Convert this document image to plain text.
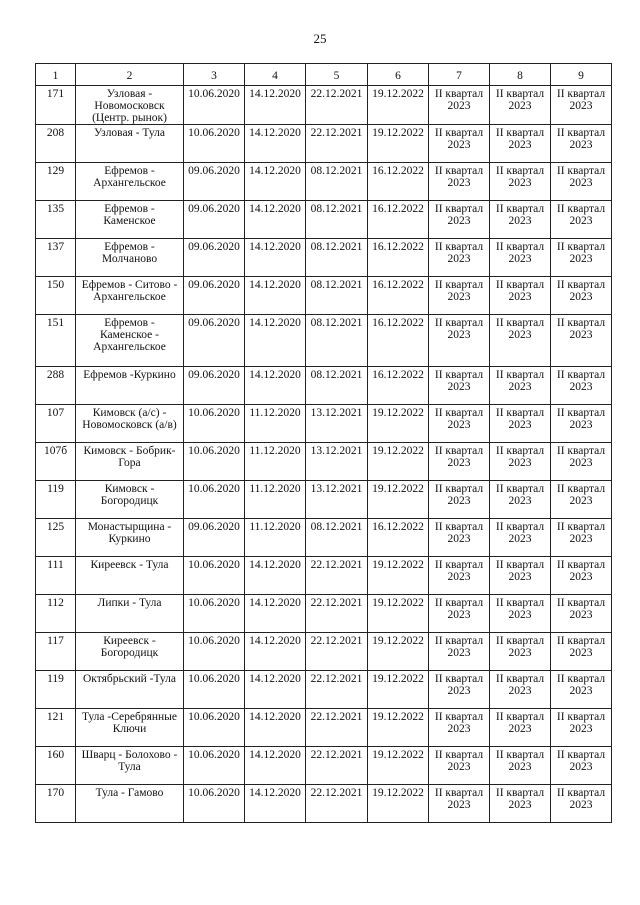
25
1	2	3	4	5	6	7	8	9
171	Узловая - Новомосковск (Центр. рынок)	10.06.2020	14.12.2020	22.12.2021	19.12.2022	II квартал 2023	II квартал 2023	II квартал 2023
208	Узловая - Тула	10.06.2020	14.12.2020	22.12.2021	19.12.2022	II квартал 2023	II квартал 2023	II квартал 2023
129	Ефремов - Архангельское	09.06.2020	14.12.2020	08.12.2021	16.12.2022	II квартал 2023	II квартал 2023	II квартал 2023
135	Ефремов - Каменское	09.06.2020	14.12.2020	08.12.2021	16.12.2022	II квартал 2023	II квартал 2023	II квартал 2023
137	Ефремов - Молчаново	09.06.2020	14.12.2020	08.12.2021	16.12.2022	II квартал 2023	II квартал 2023	II квартал 2023
150	Ефремов - Ситово - Архангельское	09.06.2020	14.12.2020	08.12.2021	16.12.2022	II квартал 2023	II квартал 2023	II квартал 2023
151	Ефремов - Каменское - Архангельское	09.06.2020	14.12.2020	08.12.2021	16.12.2022	II квартал 2023	II квартал 2023	II квартал 2023
288	Ефремов -Куркино	09.06.2020	14.12.2020	08.12.2021	16.12.2022	II квартал 2023	II квартал 2023	II квартал 2023
107	Кимовск (а/с) - Новомосковск (а/в)	10.06.2020	11.12.2020	13.12.2021	19.12.2022	II квартал 2023	II квартал 2023	II квартал 2023
107б	Кимовск - Бобрик-Гора	10.06.2020	11.12.2020	13.12.2021	19.12.2022	II квартал 2023	II квартал 2023	II квартал 2023
119	Кимовск - Богородицк	10.06.2020	11.12.2020	13.12.2021	19.12.2022	II квартал 2023	II квартал 2023	II квартал 2023
125	Монастырщина - Куркино	09.06.2020	11.12.2020	08.12.2021	16.12.2022	II квартал 2023	II квартал 2023	II квартал 2023
111	Киреевск - Тула	10.06.2020	14.12.2020	22.12.2021	19.12.2022	II квартал 2023	II квартал 2023	II квартал 2023
112	Липки - Тула	10.06.2020	14.12.2020	22.12.2021	19.12.2022	II квартал 2023	II квартал 2023	II квартал 2023
117	Киреевск - Богородицк	10.06.2020	14.12.2020	22.12.2021	19.12.2022	II квартал 2023	II квартал 2023	II квартал 2023
119	Октябрьский -Тула	10.06.2020	14.12.2020	22.12.2021	19.12.2022	II квартал 2023	II квартал 2023	II квартал 2023
121	Тула -Серебрянные Ключи	10.06.2020	14.12.2020	22.12.2021	19.12.2022	II квартал 2023	II квартал 2023	II квартал 2023
160	Шварц - Болохово - Тула	10.06.2020	14.12.2020	22.12.2021	19.12.2022	II квартал 2023	II квартал 2023	II квартал 2023
170	Тула - Гамово	10.06.2020	14.12.2020	22.12.2021	19.12.2022	II квартал 2023	II квартал 2023	II квартал 2023
